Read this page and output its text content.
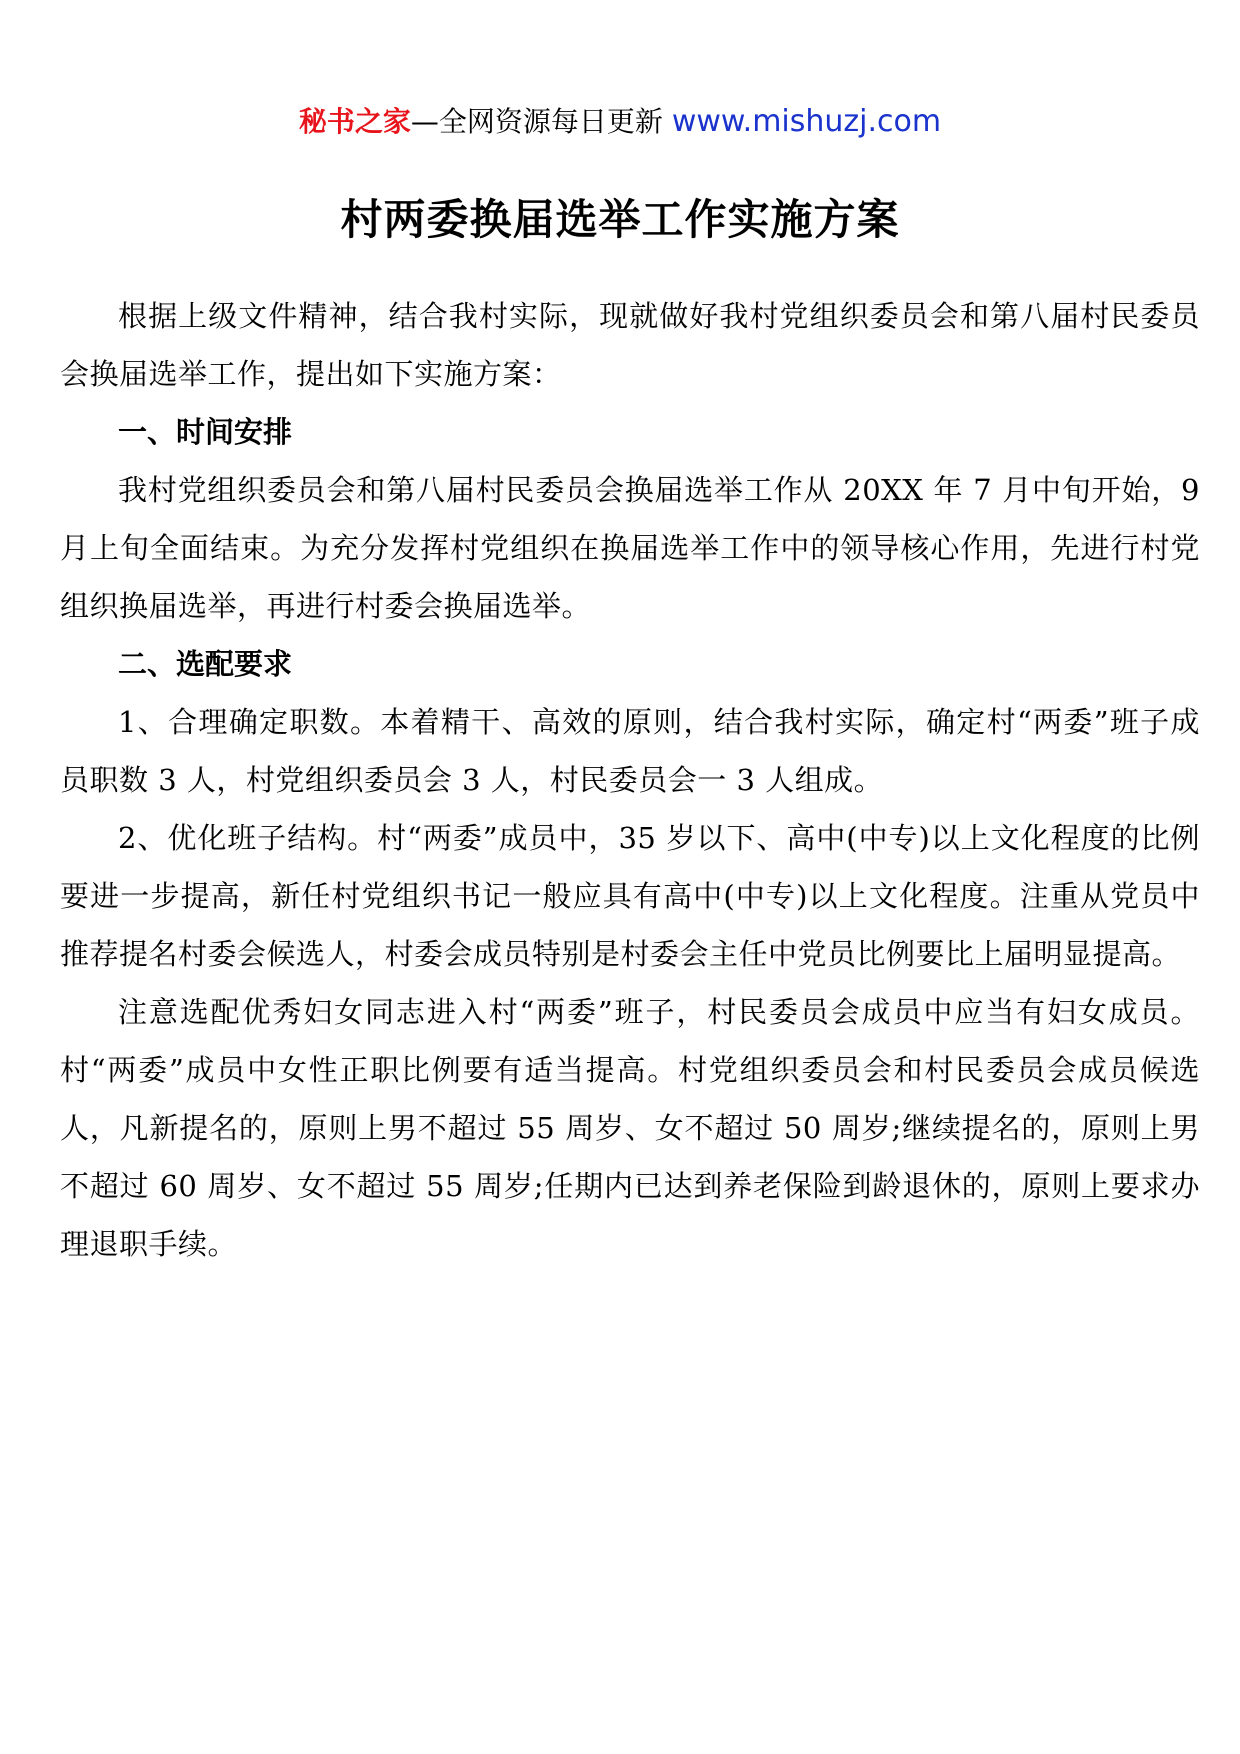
秘书之家—全网资源每日更新 www.mishuzj.com
村两委换届选举工作实施方案

根据上级文件精神，结合我村实际，现就做好我村党组织委员会和第八届村民委员会换届选举工作，提出如下实施方案：

一、时间安排

我村党组织委员会和第八届村民委员会换届选举工作从 20XX 年 7 月中旬开始，9 月上旬全面结束。为充分发挥村党组织在换届选举工作中的领导核心作用，先进行村党组织换届选举，再进行村委会换届选举。

二、选配要求

1、合理确定职数。本着精干、高效的原则，结合我村实际，确定村“两委”班子成员职数 3 人，村党组织委员会 3 人，村民委员会一 3 人组成。

2、优化班子结构。村“两委”成员中，35 岁以下、高中(中专)以上文化程度的比例要进一步提高，新任村党组织书记一般应具有高中(中专)以上文化程度。注重从党员中推荐提名村委会候选人，村委会成员特别是村委会主任中党员比例要比上届明显提高。

注意选配优秀妇女同志进入村“两委”班子，村民委员会成员中应当有妇女成员。村“两委”成员中女性正职比例要有适当提高。村党组织委员会和村民委员会成员候选人，凡新提名的，原则上男不超过 55 周岁、女不超过 50 周岁;继续提名的，原则上男不超过 60 周岁、女不超过 55 周岁;任期内已达到养老保险到龄退休的，原则上要求办理退职手续。
